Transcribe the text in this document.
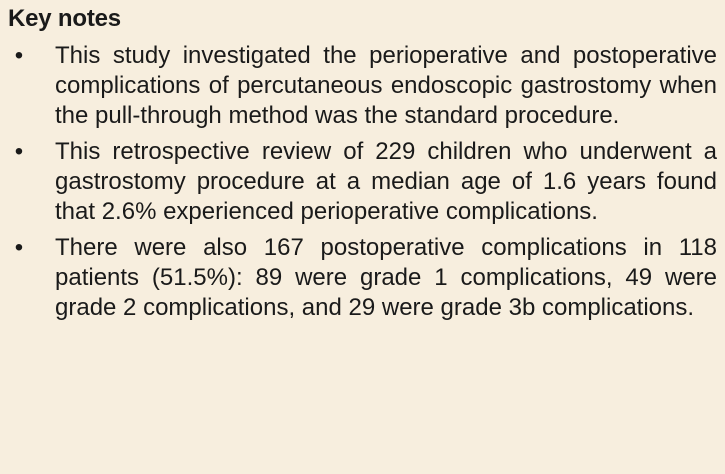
Key notes
• This study investigated the perioperative and postoperative complications of percutaneous endoscopic gastrostomy when the pull-through method was the standard procedure.
• This retrospective review of 229 children who underwent a gastrostomy procedure at a median age of 1.6 years found that 2.6% experienced perioperative complications.
• There were also 167 postoperative complications in 118 patients (51.5%): 89 were grade 1 complications, 49 were grade 2 complications, and 29 were grade 3b complications.
